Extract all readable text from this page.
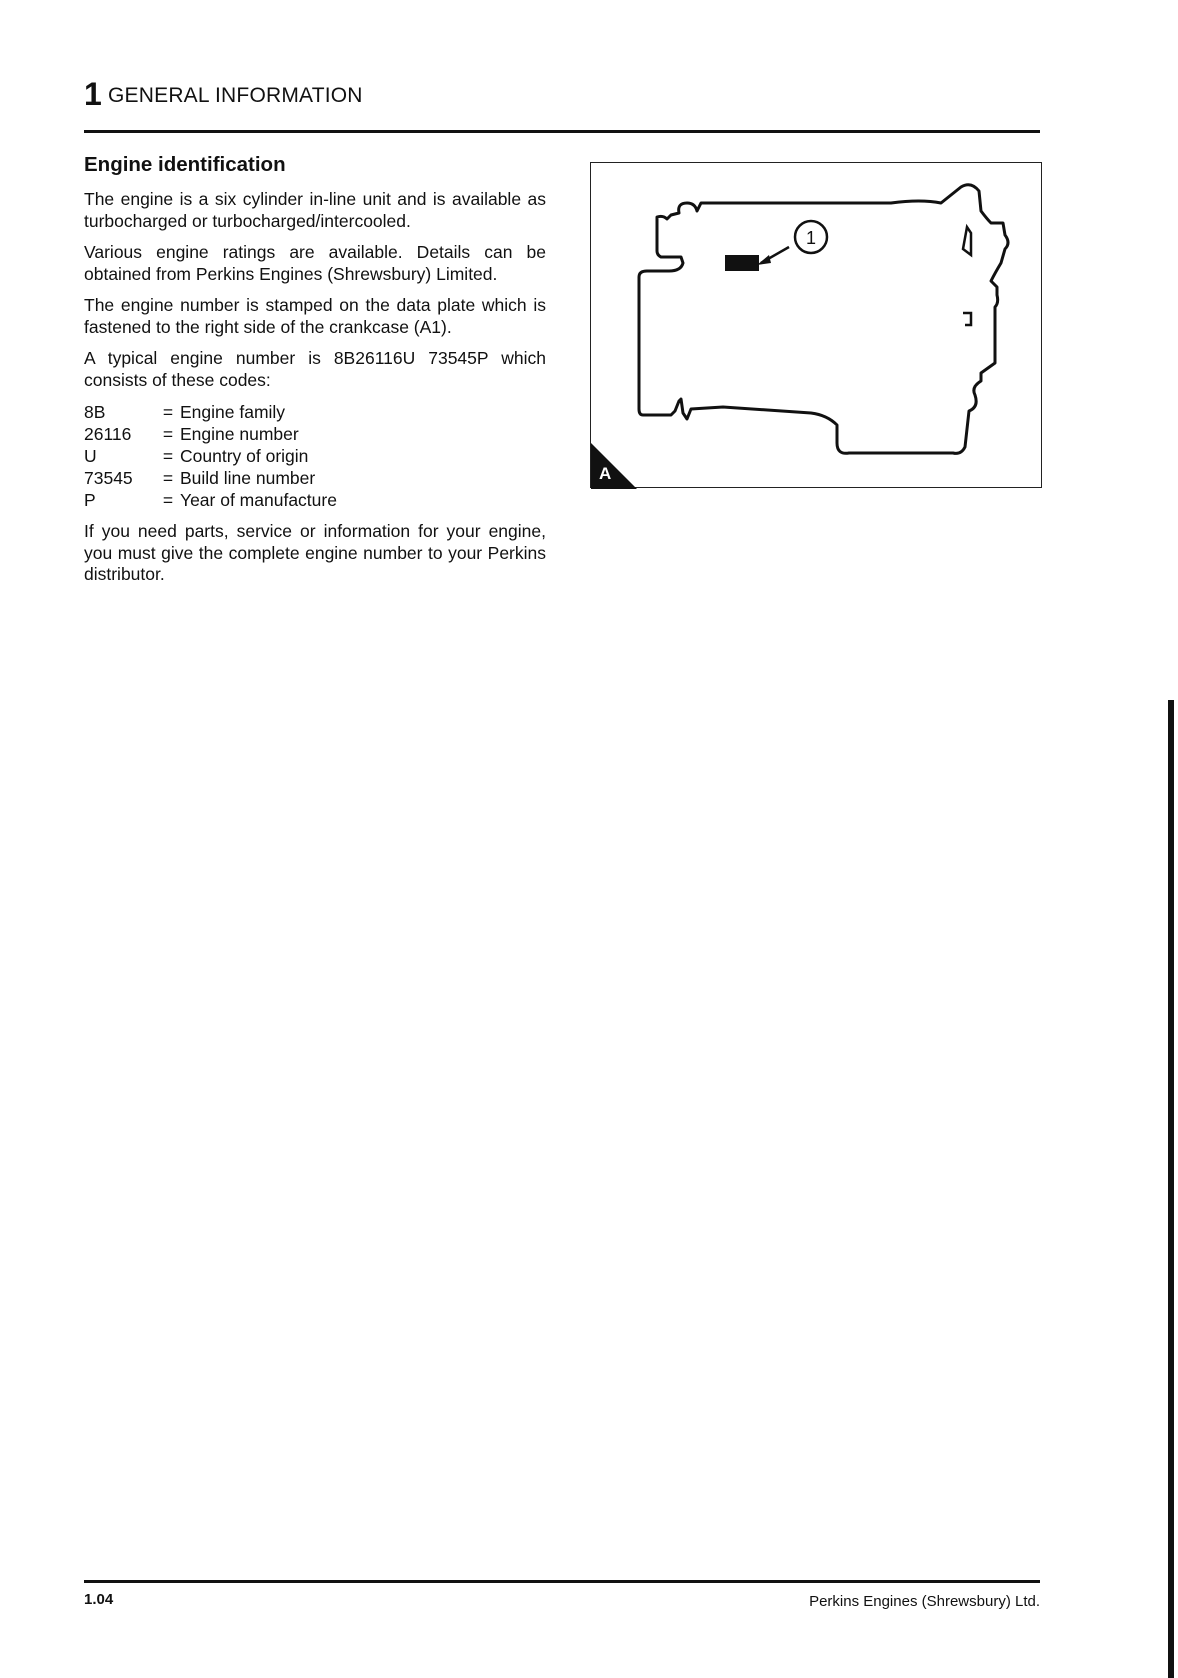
1 GENERAL INFORMATION
Engine identification

The engine is a six cylinder in-line unit and is available as turbocharged or turbocharged/intercooled.

Various engine ratings are available. Details can be obtained from Perkins Engines (Shrewsbury) Limited.

The engine number is stamped on the data plate which is fastened to the right side of the crankcase (A1).

A typical engine number is 8B26116U 73545P which consists of these codes:

8B	= Engine family
26116	= Engine number
U	= Country of origin
73545	= Build line number
P	= Year of manufacture

If you need parts, service or information for your engine, you must give the complete engine number to your Perkins distributor.

1
A
1.04	Perkins Engines (Shrewsbury) Ltd.
